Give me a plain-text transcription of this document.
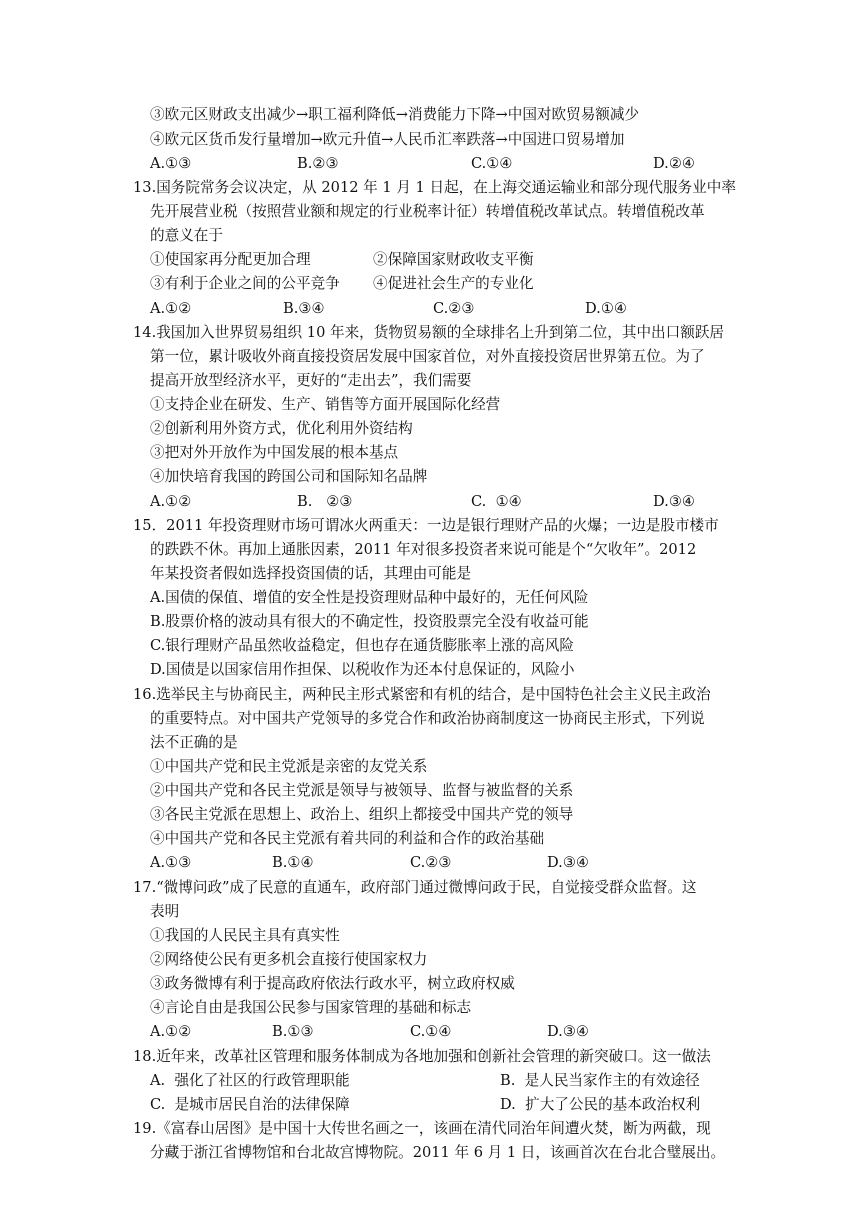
③欧元区财政支出减少→职工福利降低→消费能力下降→中国对欧贸易额减少
④欧元区货币发行量增加→欧元升值→人民币汇率跌落→中国进口贸易增加
A.①③	B.②③	C.①④	D.②④
13.国务院常务会议决定，从 2012 年 1 月 1 日起，在上海交通运输业和部分现代服务业中率
先开展营业税（按照营业额和规定的行业税率计征）转增值税改革试点。转增值税改革
的意义在于
①使国家再分配更加合理	②保障国家财政收支平衡
③有利于企业之间的公平竞争 ④促进社会生产的专业化
A.①②	B.③④	C.②③	D.①④
14.我国加入世界贸易组织 10 年来，货物贸易额的全球排名上升到第二位，其中出口额跃居
第一位，累计吸收外商直接投资居发展中国家首位，对外直接投资居世界第五位。为了
提高开放型经济水平，更好的“走出去”，我们需要
①支持企业在研发、生产、销售等方面开展国际化经营
②创新利用外资方式，优化利用外资结构
③把对外开放作为中国发展的根本基点
④加快培育我国的跨国公司和国际知名品牌
A.①②	B.   ②③	C.  ①④	D.③④
15．2011 年投资理财市场可谓冰火两重天：一边是银行理财产品的火爆；一边是股市楼市
的跌跌不休。再加上通胀因素，2011 年对很多投资者来说可能是个“欠收年”。2012
年某投资者假如选择投资国债的话，其理由可能是
A.国债的保值、增值的安全性是投资理财品种中最好的，无任何风险
B.股票价格的波动具有很大的不确定性，投资股票完全没有收益可能
C.银行理财产品虽然收益稳定，但也存在通货膨胀率上涨的高风险
D.国债是以国家信用作担保、以税收作为还本付息保证的，风险小
16.选举民主与协商民主，两种民主形式紧密和有机的结合，是中国特色社会主义民主政治
的重要特点。对中国共产党领导的多党合作和政治协商制度这一协商民主形式，下列说
法不正确的是
①中国共产党和民主党派是亲密的友党关系
②中国共产党和各民主党派是领导与被领导、监督与被监督的关系
③各民主党派在思想上、政治上、组织上都接受中国共产党的领导
④中国共产党和各民主党派有着共同的利益和合作的政治基础
A.①③	B.①④	C.②③	D.③④
17.“微博问政”成了民意的直通车，政府部门通过微博问政于民，自觉接受群众监督。这
表明
①我国的人民民主具有真实性
②网络使公民有更多机会直接行使国家权力
③政务微博有利于提高政府依法行政水平，树立政府权威
④言论自由是我国公民参与国家管理的基础和标志
A.①②	B.①③	C.①④	D.③④
18.近年来，改革社区管理和服务体制成为各地加强和创新社会管理的新突破口。这一做法
A.  强化了社区的行政管理职能	B.  是人民当家作主的有效途径
C.  是城市居民自治的法律保障	D.  扩大了公民的基本政治权利
19.《富春山居图》是中国十大传世名画之一，该画在清代同治年间遭火焚，断为两截，现
分藏于浙江省博物馆和台北故宫博物院。2011 年 6 月 1 日，该画首次在台北合璧展出。
